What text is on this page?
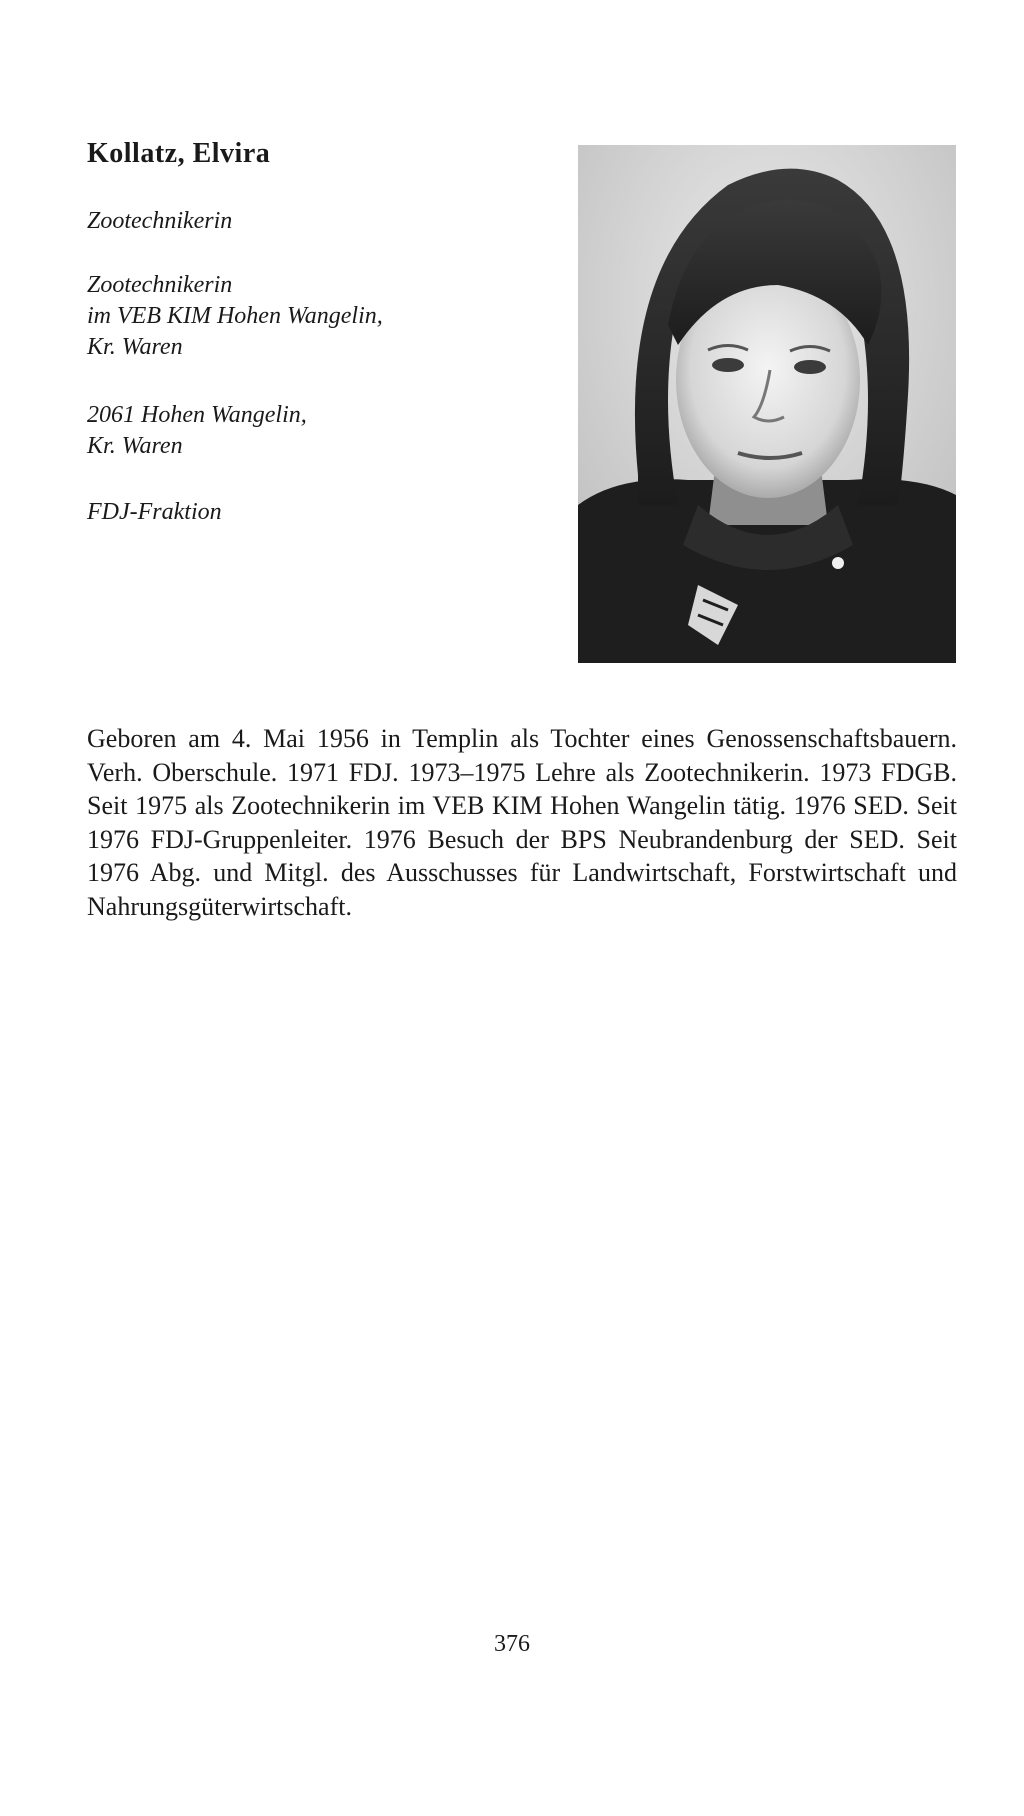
Kollatz, Elvira
Zootechnikerin
Zootechnikerin
im VEB KIM Hohen Wangelin,
Kr. Waren
2061 Hohen Wangelin,
Kr. Waren
FDJ-Fraktion
Geboren am 4. Mai 1956 in Templin als Tochter eines Genossenschaftsbauern. Verh. Oberschule. 1971 FDJ. 1973–1975 Lehre als Zootechnikerin. 1973 FDGB. Seit 1975 als Zootechnikerin im VEB KIM Hohen Wangelin tätig. 1976 SED. Seit 1976 FDJ-Gruppenleiter. 1976 Besuch der BPS Neubrandenburg der SED. Seit 1976 Abg. und Mitgl. des Ausschusses für Landwirtschaft, Forstwirtschaft und Nahrungsgüterwirtschaft.
376
